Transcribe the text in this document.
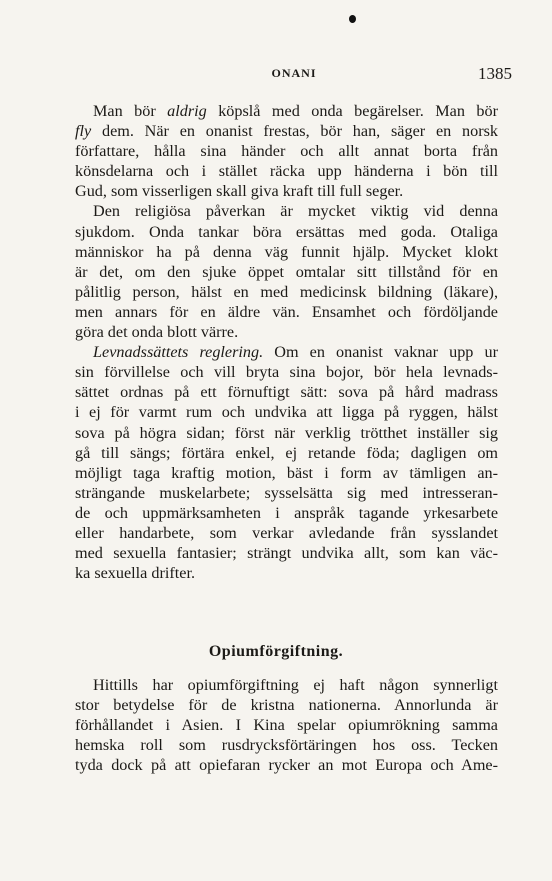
ONANI	1385
Man bör aldrig köpslå med onda begärelser. Man bör
fly dem. När en onanist frestas, bör han, säger en norsk
författare, hålla sina händer och allt annat borta från
könsdelarna och i stället räcka upp händerna i bön till
Gud, som visserligen skall giva kraft till full seger.
Den religiösa påverkan är mycket viktig vid denna
sjukdom. Onda tankar böra ersättas med goda. Otaliga
människor ha på denna väg funnit hjälp. Mycket klokt
är det, om den sjuke öppet omtalar sitt tillstånd för en
pålitlig person, hälst en med medicinsk bildning (läkare),
men annars för en äldre vän. Ensamhet och fördöljande
göra det onda blott värre.
Levnadssättets reglering. Om en onanist vaknar upp ur
sin förvillelse och vill bryta sina bojor, bör hela levnads-
sättet ordnas på ett förnuftigt sätt: sova på hård madrass
i ej för varmt rum och undvika att ligga på ryggen, hälst
sova på högra sidan; först när verklig trötthet inställer sig
gå till sängs; förtära enkel, ej retande föda; dagligen om
möjligt taga kraftig motion, bäst i form av tämligen an-
strängande muskelarbete; sysselsätta sig med intresseran-
de och uppmärksamheten i anspråk tagande yrkesarbete
eller handarbete, som verkar avledande från sysslandet
med sexuella fantasier; strängt undvika allt, som kan väc-
ka sexuella drifter.
Opiumförgiftning.
Hittills har opiumförgiftning ej haft någon synnerligt
stor betydelse för de kristna nationerna. Annorlunda är
förhållandet i Asien. I Kina spelar opiumrökning samma
hemska roll som rusdrycksförtäringen hos oss. Tecken
tyda dock på att opiefaran rycker an mot Europa och Ame-
